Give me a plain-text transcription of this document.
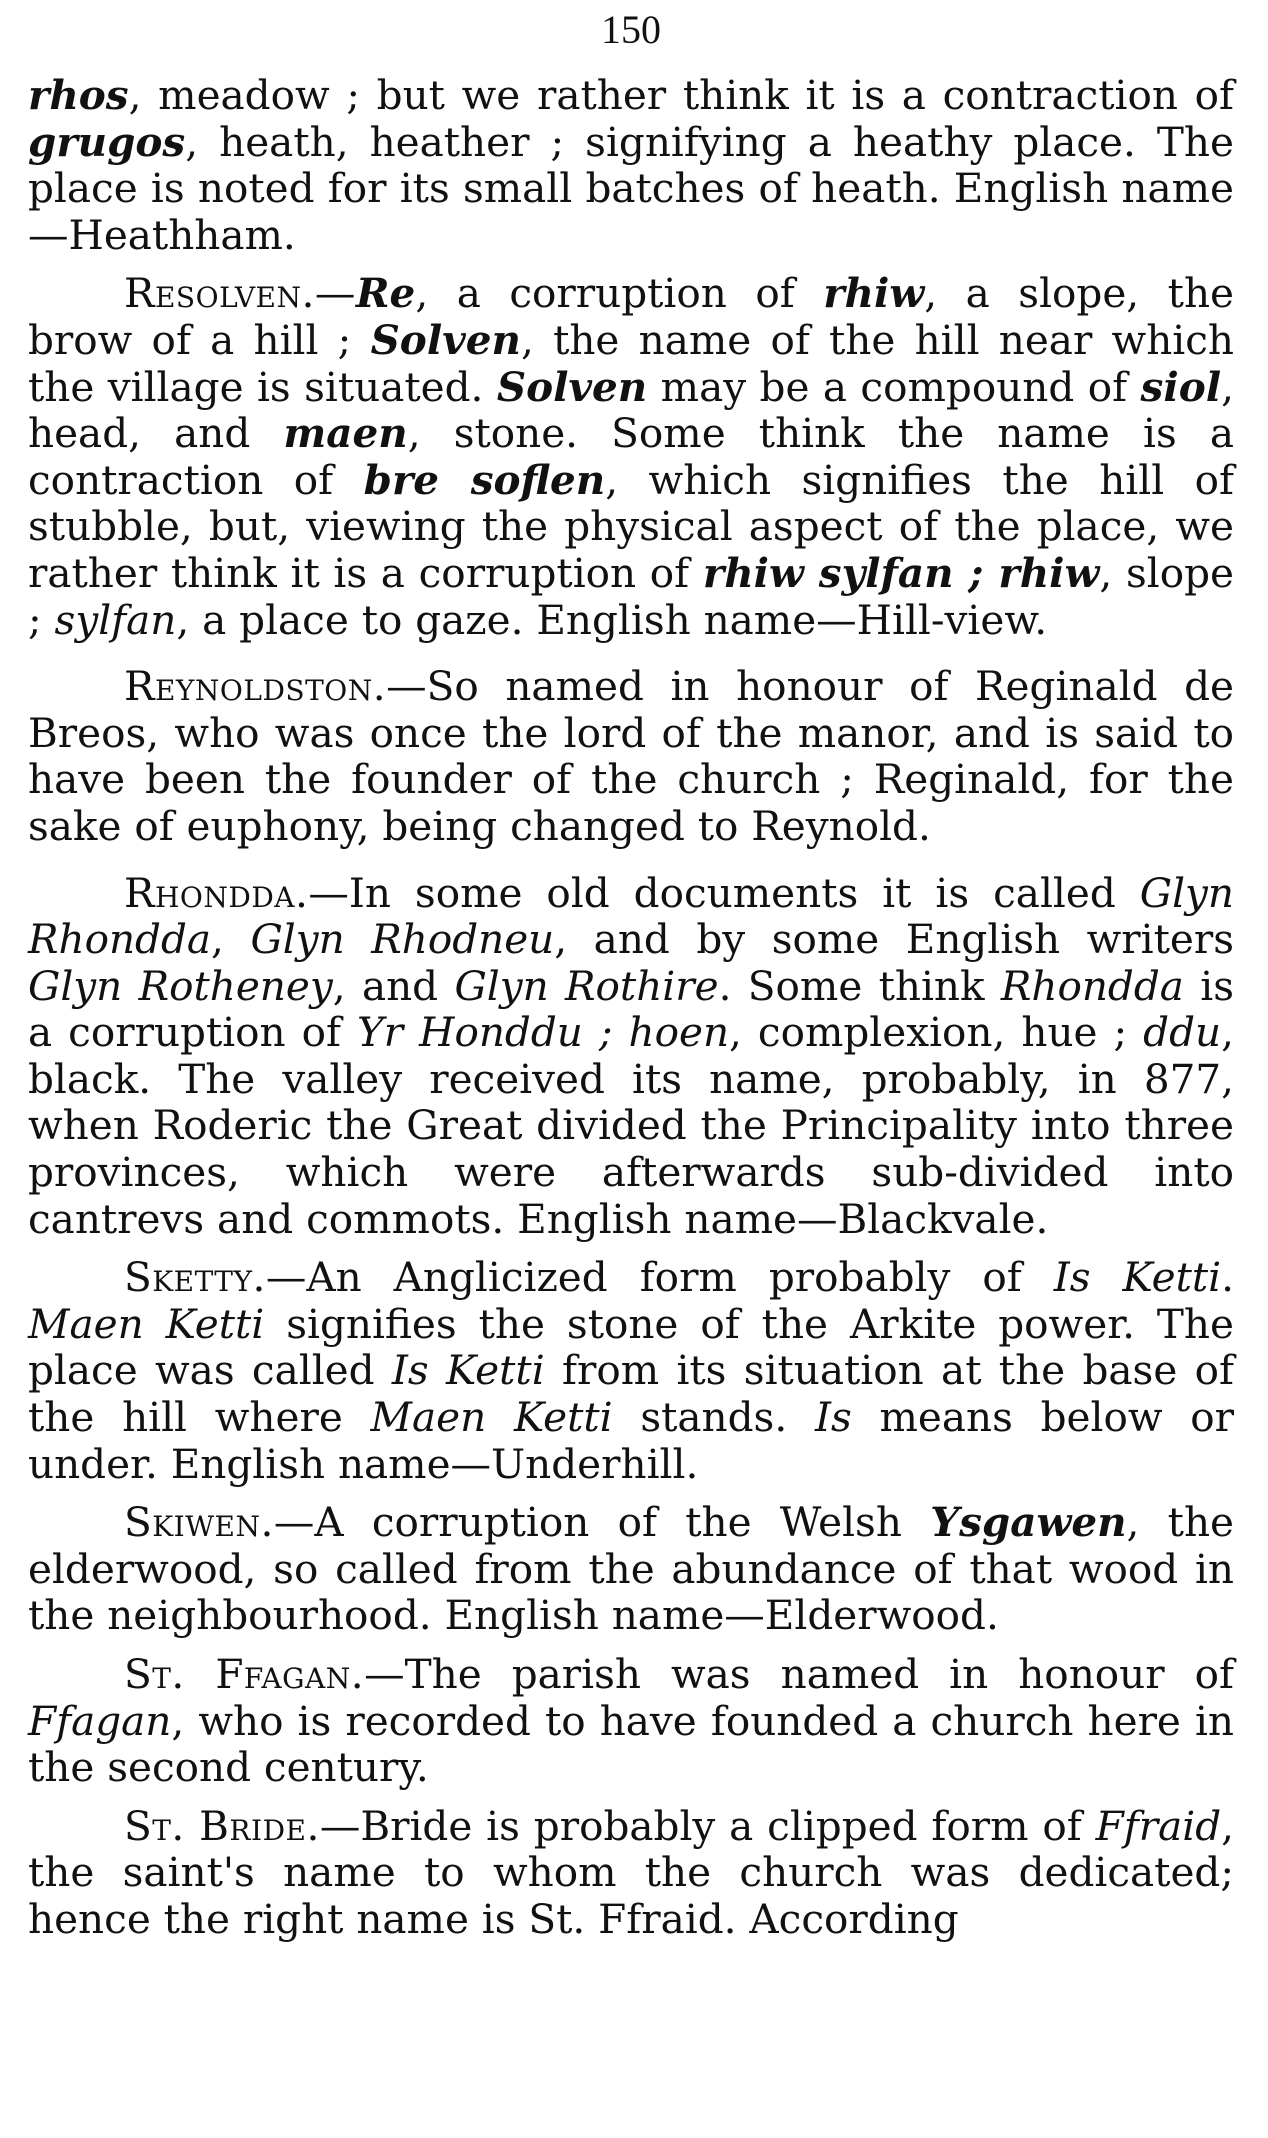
150

rhos, meadow ; but we rather think it is a contraction of grugos, heath, heather ; signifying a heathy place. The place is noted for its small batches of heath. English name—Heathham.

Resolven.—Re, a corruption of rhiw, a slope, the brow of a hill ; Solven, the name of the hill near which the village is situated. Solven may be a compound of siol, head, and maen, stone. Some think the name is a contraction of bre soflen, which signifies the hill of stubble, but, viewing the physical aspect of the place, we rather think it is a corruption of rhiw sylfan ; rhiw, slope ; sylfan, a place to gaze. English name—Hill-view.

Reynoldston.—So named in honour of Reginald de Breos, who was once the lord of the manor, and is said to have been the founder of the church ; Reginald, for the sake of euphony, being changed to Reynold.

Rhondda.—In some old documents it is called Glyn Rhondda, Glyn Rhodneu, and by some English writers Glyn Rotheney, and Glyn Rothire. Some think Rhondda is a corruption of Yr Honddu ; hoen, complexion, hue ; ddu, black. The valley received its name, probably, in 877, when Roderic the Great divided the Principality into three provinces, which were afterwards sub-divided into cantrevs and commots. English name—Blackvale.

Sketty.—An Anglicized form probably of Is Ketti. Maen Ketti signifies the stone of the Arkite power. The place was called Is Ketti from its situation at the base of the hill where Maen Ketti stands. Is means below or under. English name—Underhill.

Skiwen.—A corruption of the Welsh Ysgawen, the elderwood, so called from the abundance of that wood in the neighbourhood. English name—Elderwood.

St. Ffagan.—The parish was named in honour of Ffagan, who is recorded to have founded a church here in the second century.

St. Bride.—Bride is probably a clipped form of Ffraid, the saint's name to whom the church was dedicated; hence the right name is St. Ffraid. According
